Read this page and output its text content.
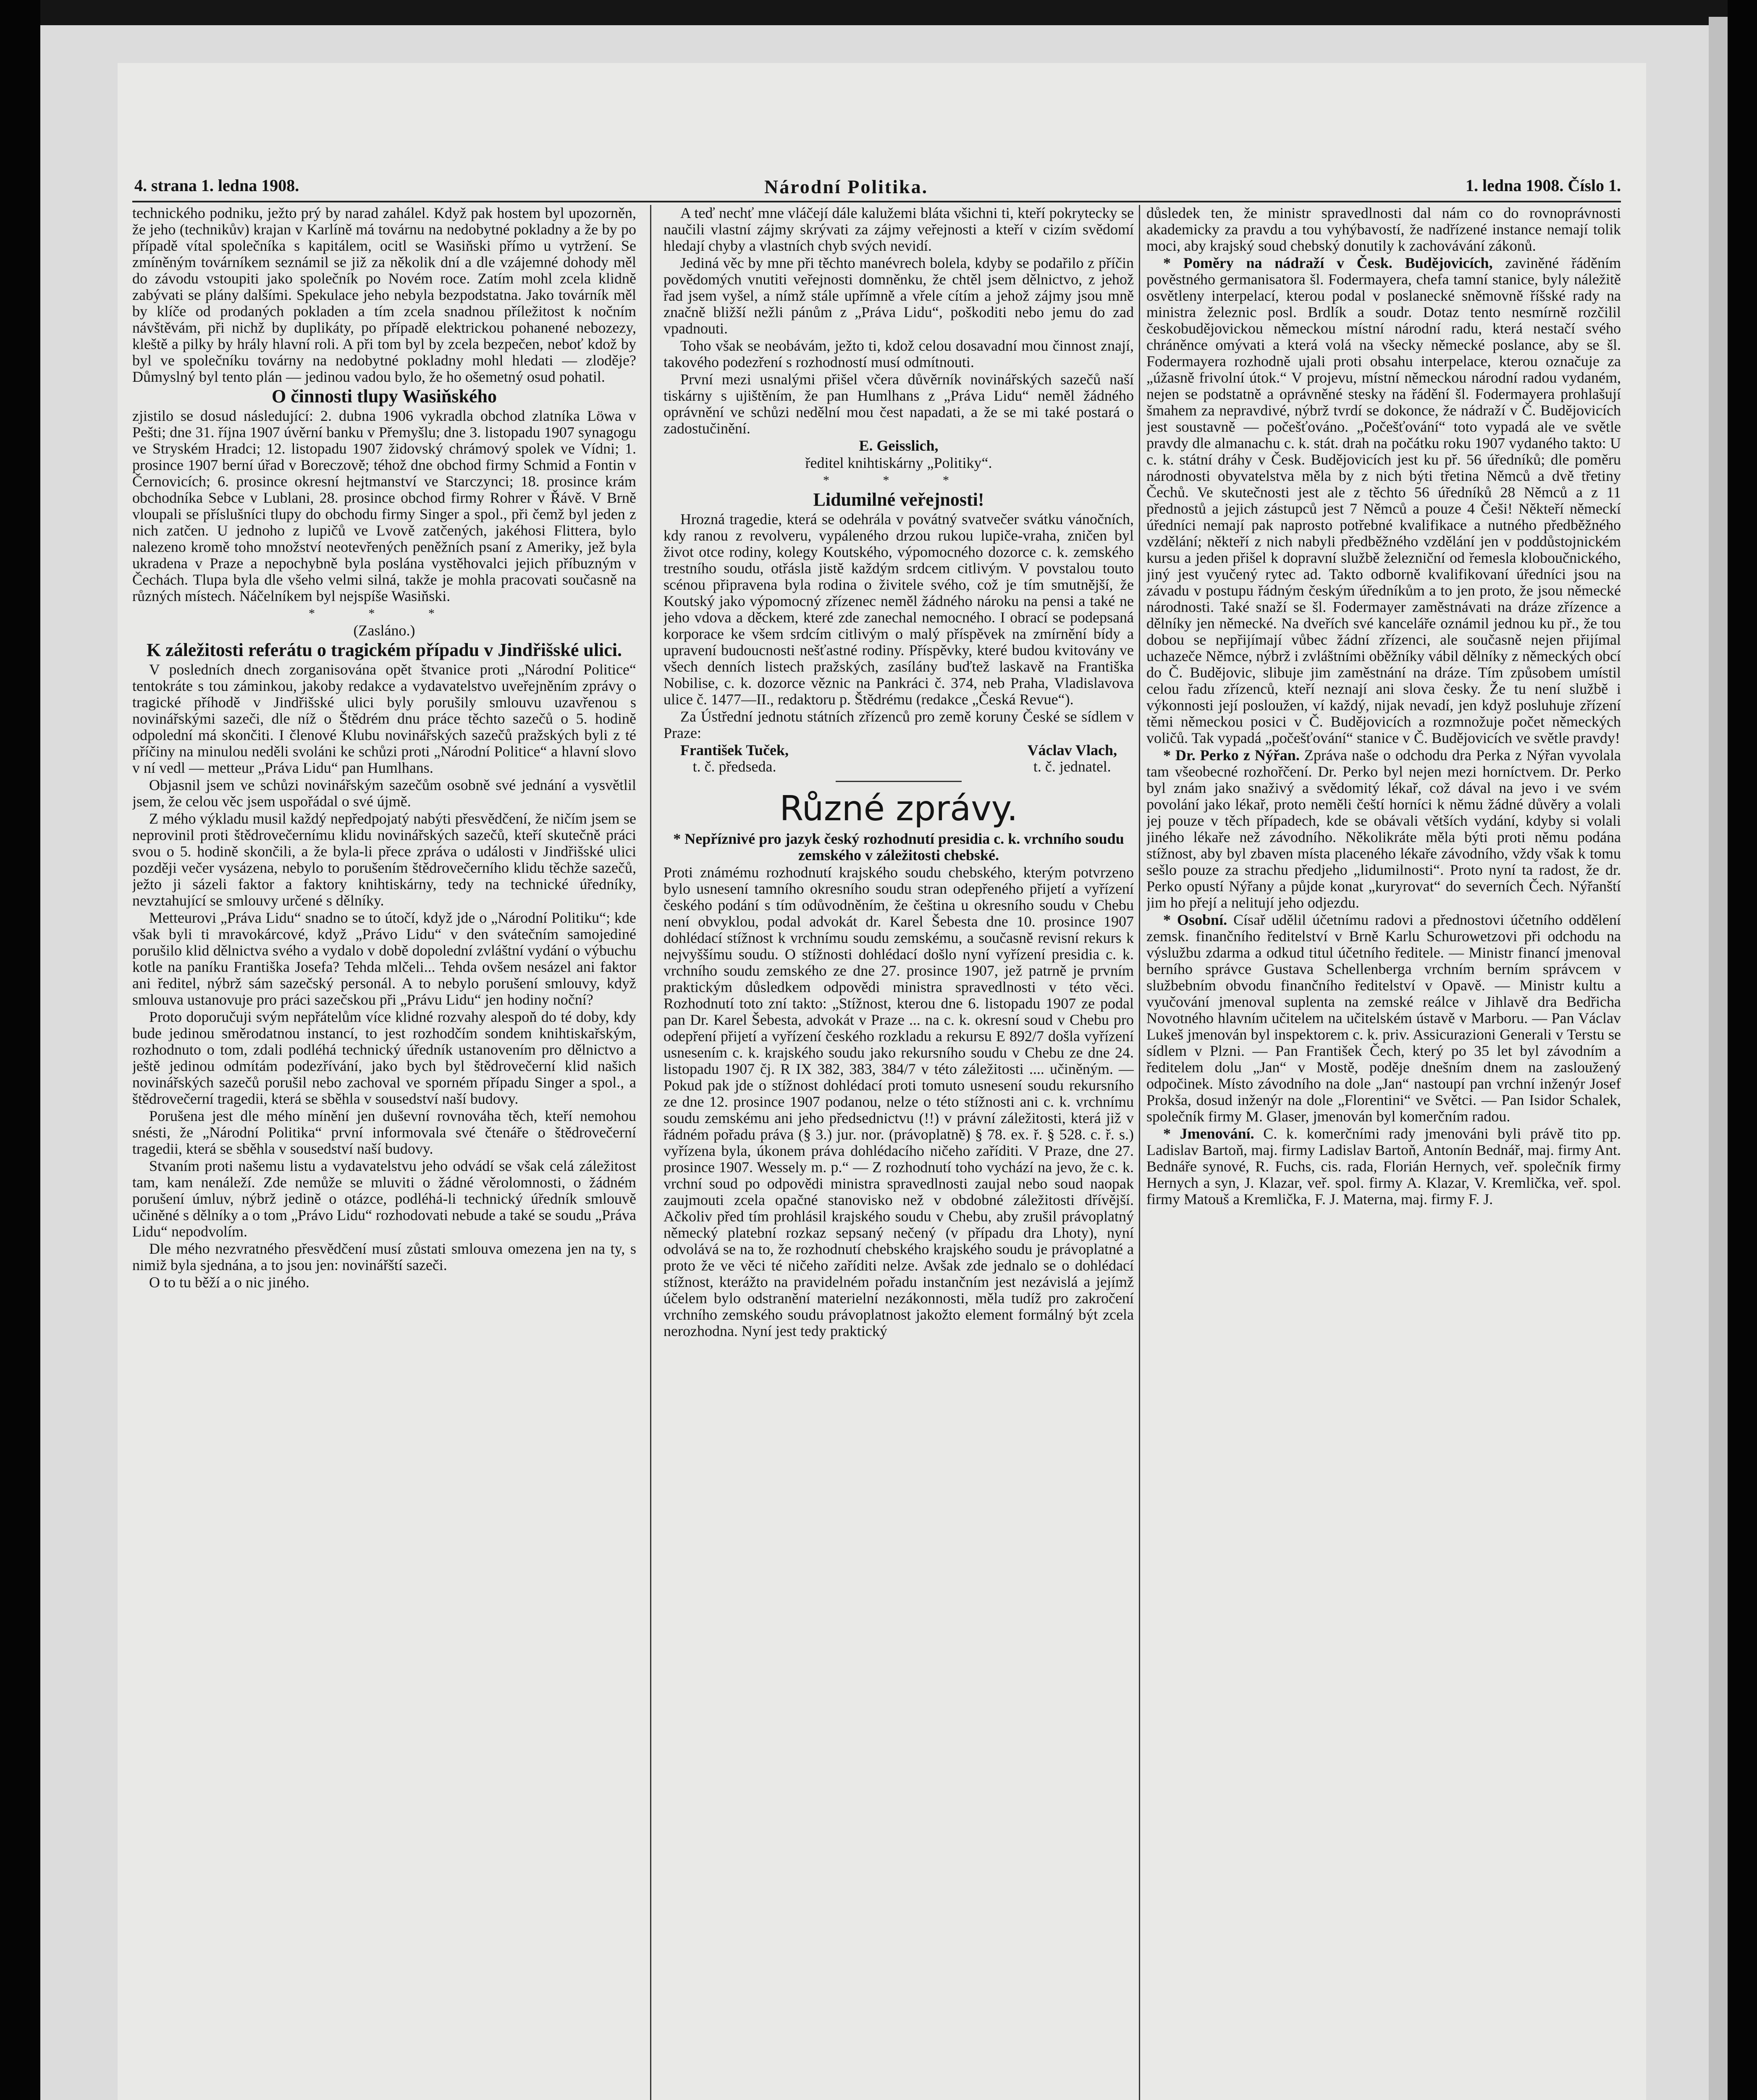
4. strana 1. ledna 1908.	Národní Politika.	1. ledna 1908. Číslo 1.

technického podniku, ježto prý by narad zahálel. Když pak hostem byl upozorněn, že jeho (technikův) krajan v Karlíně má továrnu na nedobytné pokladny a že by po případě vítal společníka s kapitálem, ocitl se Wasiňski přímo u vytržení. Se zmíněným továrníkem seznámil se již za několik dní a dle vzájemné dohody měl do závodu vstoupiti jako společník po Novém roce. Zatím mohl zcela klidně zabývati se plány dalšími. Spekulace jeho nebyla bezpodstatna. Jako továrník měl by klíče od prodaných pokladen a tím zcela snadnou příležitost k nočním návštěvám, při nichž by duplikáty, po případě elektrickou pohanené nebozezy, kleště a pilky by hrály hlavní roli. A při tom byl by zcela bezpečen, neboť kdož by byl ve společníku továrny na nedobytné pokladny mohl hledati — zloděje? Důmyslný byl tento plán — jedinou vadou bylo, že ho ošemetný osud pohatil.

O činnosti tlupy Wasiňského

zjistilo se dosud následující: 2. dubna 1906 vykradla obchod zlatníka Löwa v Pešti; dne 31. října 1907 úvěrní banku v Přemyšlu; dne 3. listopadu 1907 synagogu ve Stryském Hradci; 12. listopadu 1907 židovský chrámový spolek ve Vídni; 1. prosince 1907 berní úřad v Boreczově; téhož dne obchod firmy Schmid a Fontin v Černovicích; 6. prosince okresní hejtmanství ve Starczynci; 18. prosince krám obchodníka Sebce v Lublani, 28. prosince obchod firmy Rohrer v Řávě. V Brně vloupali se příslušníci tlupy do obchodu firmy Singer a spol., při čemž byl jeden z nich zatčen. U jednoho z lupičů ve Lvově zatčených, jakéhosi Flittera, bylo nalezeno kromě toho množství neotevřených peněžních psaní z Ameriky, jež byla ukradena v Praze a nepochybně byla poslána vystěhovalci jejich příbuzným v Čechách. Tlupa byla dle všeho velmi silná, takže je mohla pracovati současně na různých místech. Náčelníkem byl nejspíše Wasiňski.

* * *

(Zasláno.)

K záležitosti referátu o tragickém případu v Jindřišské ulici.

V posledních dnech zorganisována opět štvanice proti „Národní Politice“ tentokráte s tou záminkou, jakoby redakce a vydavatelstvo uveřejněním zprávy o tragické příhodě v Jindřišské ulici byly porušily smlouvu uzavřenou s novinářskými sazeči, dle níž o Štědrém dnu práce těchto sazečů o 5. hodině odpolední má skončiti. I členové Klubu novinářských sazečů pražských byli z té příčiny na minulou neděli svoláni ke schůzi proti „Národní Politice“ a hlavní slovo v ní vedl — metteur „Práva Lidu“ pan Humlhans.

Objasnil jsem ve schůzi novinářským sazečům osobně své jednání a vysvětlil jsem, že celou věc jsem uspořádal o své újmě.

Z mého výkladu musil každý nepředpojatý nabýti přesvědčení, že ničím jsem se neprovinil proti štědrovečernímu klidu novinářských sazečů, kteří skutečně práci svou o 5. hodině skončili, a že byla-li přece zpráva o události v Jindřišské ulici později večer vysázena, nebylo to porušením štědrovečerního klidu těchže sazečů, ježto ji sázeli faktor a faktory knihtiskárny, tedy na technické úředníky, nevztahující se smlouvy určené s dělníky.

Metteurovi „Práva Lidu“ snadno se to útočí, když jde o „Národní Politiku“; kde však byli ti mravokárcové, když „Právo Lidu“ v den svátečním samojediné porušilo klid dělnictva svého a vydalo v době dopolední zvláštní vydání o výbuchu kotle na paníku Františka Josefa? Tehda mlčeli... Tehda ovšem nesázel ani faktor ani ředitel, nýbrž sám sazečský personál. A to nebylo porušení smlouvy, když smlouva ustanovuje pro práci sazečskou při „Právu Lidu“ jen hodiny noční?

Proto doporučuji svým nepřátelům více klidné rozvahy alespoň do té doby, kdy bude jedinou směrodatnou instancí, to jest rozhodčím sondem knihtiskařským, rozhodnuto o tom, zdali podléhá technický úředník ustanovením pro dělnictvo a ještě jedinou odmítám podezřívání, jako bych byl štědrovečerní klid našich novinářských sazečů porušil nebo zachoval ve sporném případu Singer a spol., a štědrovečerní tragedii, která se sběhla v sousedství naší budovy.

Porušena jest dle mého mínění jen duševní rovnováha těch, kteří nemohou snésti, že „Národní Politika“ první informovala své čtenáře o štědrovečerní tragedii, která se sběhla v sousedství naší budovy.

Stvaním proti našemu listu a vydavatelstvu jeho odvádí se však celá záležitost tam, kam nenáleží. Zde nemůže se mluviti o žádné věrolomnosti, o žádném porušení úmluv, nýbrž jedině o otázce, podléhá-li technický úředník smlouvě učiněné s dělníky a o tom „Právo Lidu“ rozhodovati nebude a také se soudu „Práva Lidu“ nepodvolím.

Dle mého nezvratného přesvědčení musí zůstati smlouva omezena jen na ty, s nimiž byla sjednána, a to jsou jen: novinářští sazeči.

O to tu běží a o nic jiného.

A teď nechť mne vláčejí dále kalužemi bláta všichni ti, kteří pokrytecky se naučili vlastní zájmy skrývati za zájmy veřejnosti a kteří v cizím svědomí hledají chyby a vlastních chyb svých nevidí.

Jediná věc by mne při těchto manévrech bolela, kdyby se podařilo z příčin povědomých vnutiti veřejnosti domněnku, že chtěl jsem dělnictvo, z jehož řad jsem vyšel, a nímž stále upřímně a vřele cítím a jehož zájmy jsou mně značně bližší nežli pánům z „Práva Lidu“, poškoditi nebo jemu do zad vpadnouti.

Toho však se neobávám, ježto ti, kdož celou dosavadní mou činnost znají, takového podezření s rozhodností musí odmítnouti.

První mezi usnalými přišel včera důvěrník novinářských sazečů naší tiskárny s ujištěním, že pan Humlhans z „Práva Lidu“ neměl žádného oprávnění ve schůzi nedělní mou čest napadati, a že se mi také postará o zadostučinění.

E. Geisslich,

ředitel knihtiskárny „Politiky“.

* * *

Lidumilné veřejnosti!

Hrozná tragedie, která se odehrála v povátný svatvečer svátku vánočních, kdy ranou z revolveru, vypáleného drzou rukou lupiče-vraha, zničen byl život otce rodiny, kolegy Koutského, výpomocného dozorce c. k. zemského trestního soudu, otřásla jistě každým srdcem citlivým. V povstalou touto scénou připravena byla rodina o živitele svého, což je tím smutnější, že Koutský jako výpomocný zřízenec neměl žádného nároku na pensi a také ne jeho vdova a děckem, které zde zanechal nemocného. I obrací se podepsaná korporace ke všem srdcím citlivým o malý příspěvek na zmírnění bídy a upravení budoucnosti nešťastné rodiny. Příspěvky, které budou kvitovány ve všech denních listech pražských, zasílány buďtež laskavě na Františka Nobilise, c. k. dozorce věznic na Pankráci č. 374, neb Praha, Vladislavova ulice č. 1477—II., redaktoru p. Štědrému (redakce „Česká Revue“).

Za Ústřední jednotu státních zřízenců pro země koruny České se sídlem v Praze:

František Tuček,
t. č. předseda.
Václav Vlach,
t. č. jednatel.

Různé zprávy.

* Nepříznivé pro jazyk český rozhodnutí presidia c. k. vrchního soudu zemského v záležitosti chebské.

Proti známému rozhodnutí krajského soudu chebského, kterým potvrzeno bylo usnesení tamního okresního soudu stran odepřeného přijetí a vyřízení českého podání s tím odůvodněním, že čeština u okresního soudu v Chebu není obvyklou, podal advokát dr. Karel Šebesta dne 10. prosince 1907 dohlédací stížnost k vrchnímu soudu zemskému, a současně revisní rekurs k nejvyššímu soudu. O stížnosti dohlédací došlo nyní vyřízení presidia c. k. vrchního soudu zemského ze dne 27. prosince 1907, jež patrně je prvním praktickým důsledkem odpovědi ministra spravedlnosti v této věci. Rozhodnutí toto zní takto: „Stížnost, kterou dne 6. listopadu 1907 ze podal pan Dr. Karel Šebesta, advokát v Praze ... na c. k. okresní soud v Chebu pro odepření přijetí a vyřízení českého rozkladu a rekursu E 892/7 došla vyřízení usnesením c. k. krajského soudu jako rekursního soudu v Chebu ze dne 24. listopadu 1907 čj. R IX 382, 383, 384/7 v této záležitosti .... učiněným. — Pokud pak jde o stížnost dohlédací proti tomuto usnesení soudu rekursního ze dne 12. prosince 1907 podanou, nelze o této stížnosti ani c. k. vrchnímu soudu zemskému ani jeho předsednictvu (!!) v právní záležitosti, která již v řádném pořadu práva (§ 3.) jur. nor. (právoplatně) § 78. ex. ř. § 528. c. ř. s.) vyřízena byla, úkonem práva dohlédacího ničeho zaříditi. V Praze, dne 27. prosince 1907. Wessely m. p.“ — Z rozhodnutí toho vychází na jevo, že c. k. vrchní soud po odpovědi ministra spravedlnosti zaujal nebo soud naopak zaujmouti zcela opačné stanovisko než v obdobné záležitosti dřívější. Ačkoliv před tím prohlásil krajského soudu v Chebu, aby zrušil právoplatný německý platební rozkaz sepsaný nečený (v případu dra Lhoty), nyní odvolává se na to, že rozhodnutí chebského krajského soudu je právoplatné a proto že ve věci té ničeho zaříditi nelze. Avšak zde jednalo se o dohlédací stížnost, kterážto na pravidelném pořadu instančním jest nezávislá a jejímž účelem bylo odstranění materielní nezákonnosti, měla tudíž pro zakročení vrchního zemského soudu právoplatnost jakožto element formálný být zcela nerozhodna. Nyní jest tedy praktický

důsledek ten, že ministr spravedlnosti dal nám co do rovnoprávnosti akademicky za pravdu a tou vyhýbavostí, že nadřízené instance nemají tolik moci, aby krajský soud chebský donutily k zachovávání zákonů.

* Poměry na nádraží v Česk. Budějovicích, zaviněné řáděním pověstného germanisatora šl. Fodermayera, chefa tamní stanice, byly náležitě osvětleny interpelací, kterou podal v poslanecké sněmovně říšské rady na ministra železnic posl. Brdlík a soudr. Dotaz tento nesmírně rozčilil českobudějovickou německou místní národní radu, která nestačí svého chráněnce omývati a která volá na všecky německé poslance, aby se šl. Fodermayera rozhodně ujali proti obsahu interpelace, kterou označuje za „úžasně frivolní útok.“ V projevu, místní německou národní radou vydaném, nejen se podstatně a oprávněné stesky na řádění šl. Fodermayera prohlašují šmahem za nepravdivé, nýbrž tvrdí se dokonce, že nádraží v Č. Budějovicích jest soustavně — počešťováno. „Počešťování“ toto vypadá ale ve světle pravdy dle almanachu c. k. stát. drah na počátku roku 1907 vydaného takto: U c. k. státní dráhy v Česk. Budějovicích jest ku př. 56 úředníků; dle poměru národnosti obyvatelstva měla by z nich býti třetina Němců a dvě třetiny Čechů. Ve skutečnosti jest ale z těchto 56 úředníků 28 Němců a z 11 přednostů a jejich zástupců jest 7 Němců a pouze 4 Češi! Někteří německí úředníci nemají pak naprosto potřebné kvalifikace a nutného předběžného vzdělání; někteří z nich nabyli předběžného vzdělání jen v poddůstojnickém kursu a jeden přišel k dopravní službě železniční od řemesla kloboučnického, jiný jest vyučený rytec ad. Takto odborně kvalifikovaní úředníci jsou na závadu v postupu řádným českým úředníkům a to jen proto, že jsou německé národnosti. Také snaží se šl. Fodermayer zaměstnávati na dráze zřízence a dělníky jen německé. Na dveřích své kanceláře oznámil jednou ku př., že tou dobou se nepřijímají vůbec žádní zřízenci, ale současně nejen přijímal uchazeče Němce, nýbrž i zvláštními oběžníky vábil dělníky z německých obcí do Č. Budějovic, slibuje jim zaměstnání na dráze. Tím způsobem umístil celou řadu zřízenců, kteří neznají ani slova česky. Že tu není službě i výkonnosti její posloužen, ví každý, nijak nevadí, jen když posluhuje zřízení těmi německou posici v Č. Budějovicích a rozmnožuje počet německých voličů. Tak vypadá „počešťování“ stanice v Č. Budějovicích ve světle pravdy!

* Dr. Perko z Nýřan. Zpráva naše o odchodu dra Perka z Nýřan vyvolala tam všeobecné rozhořčení. Dr. Perko byl nejen mezi horníctvem. Dr. Perko byl znám jako snaživý a svědomitý lékař, což dával na jevo i ve svém povolání jako lékař, proto neměli čeští horníci k němu žádné důvěry a volali jej pouze v těch případech, kde se obávali větších vydání, kdyby si volali jiného lékaře než závodního. Několikráte měla býti proti němu podána stížnost, aby byl zbaven místa placeného lékaře závodního, vždy však k tomu sešlo pouze za strachu předjeho „lidumilnosti“. Proto nyní ta radost, že dr. Perko opustí Nýřany a půjde konat „kuryrovat“ do severních Čech. Nýřanští jim ho přejí a nelitují jeho odjezdu.

* Osobní. Císař udělil účetnímu radovi a přednostovi účetního oddělení zemsk. finančního ředitelství v Brně Karlu Schurowetzovi při odchodu na výslužbu zdarma a odkud titul účetního ředitele. — Ministr financí jmenoval berního správce Gustava Schellenberga vrchním berním správcem v službebním obvodu finančního ředitelství v Opavě. — Ministr kultu a vyučování jmenoval suplenta na zemské reálce v Jihlavě dra Bedřicha Novotného hlavním učitelem na učitelském ústavě v Marboru. — Pan Václav Lukeš jmenován byl inspektorem c. k. priv. Assicurazioni Generali v Terstu se sídlem v Plzni. — Pan František Čech, který po 35 let byl závodním a ředitelem dolu „Jan“ v Mostě, poděje dnešním dnem na zasloužený odpočinek. Místo závodního na dole „Jan“ nastoupí pan vrchní inženýr Josef Prokša, dosud inženýr na dole „Florentini“ ve Světci. — Pan Isidor Schalek, společník firmy M. Glaser, jmenován byl komerčním radou.

* Jmenování. C. k. komerčními rady jmenováni byli právě tito pp. Ladislav Bartoň, maj. firmy Ladislav Bartoň, Antonín Bednář, maj. firmy Ant. Bednáře synové, R. Fuchs, cis. rada, Florián Hernych, veř. společník firmy Hernych a syn, J. Klazar, veř. spol. firmy A. Klazar, V. Kremlička, veř. spol. firmy Matouš a Kremlička, F. J. Materna, maj. firmy F. J.
